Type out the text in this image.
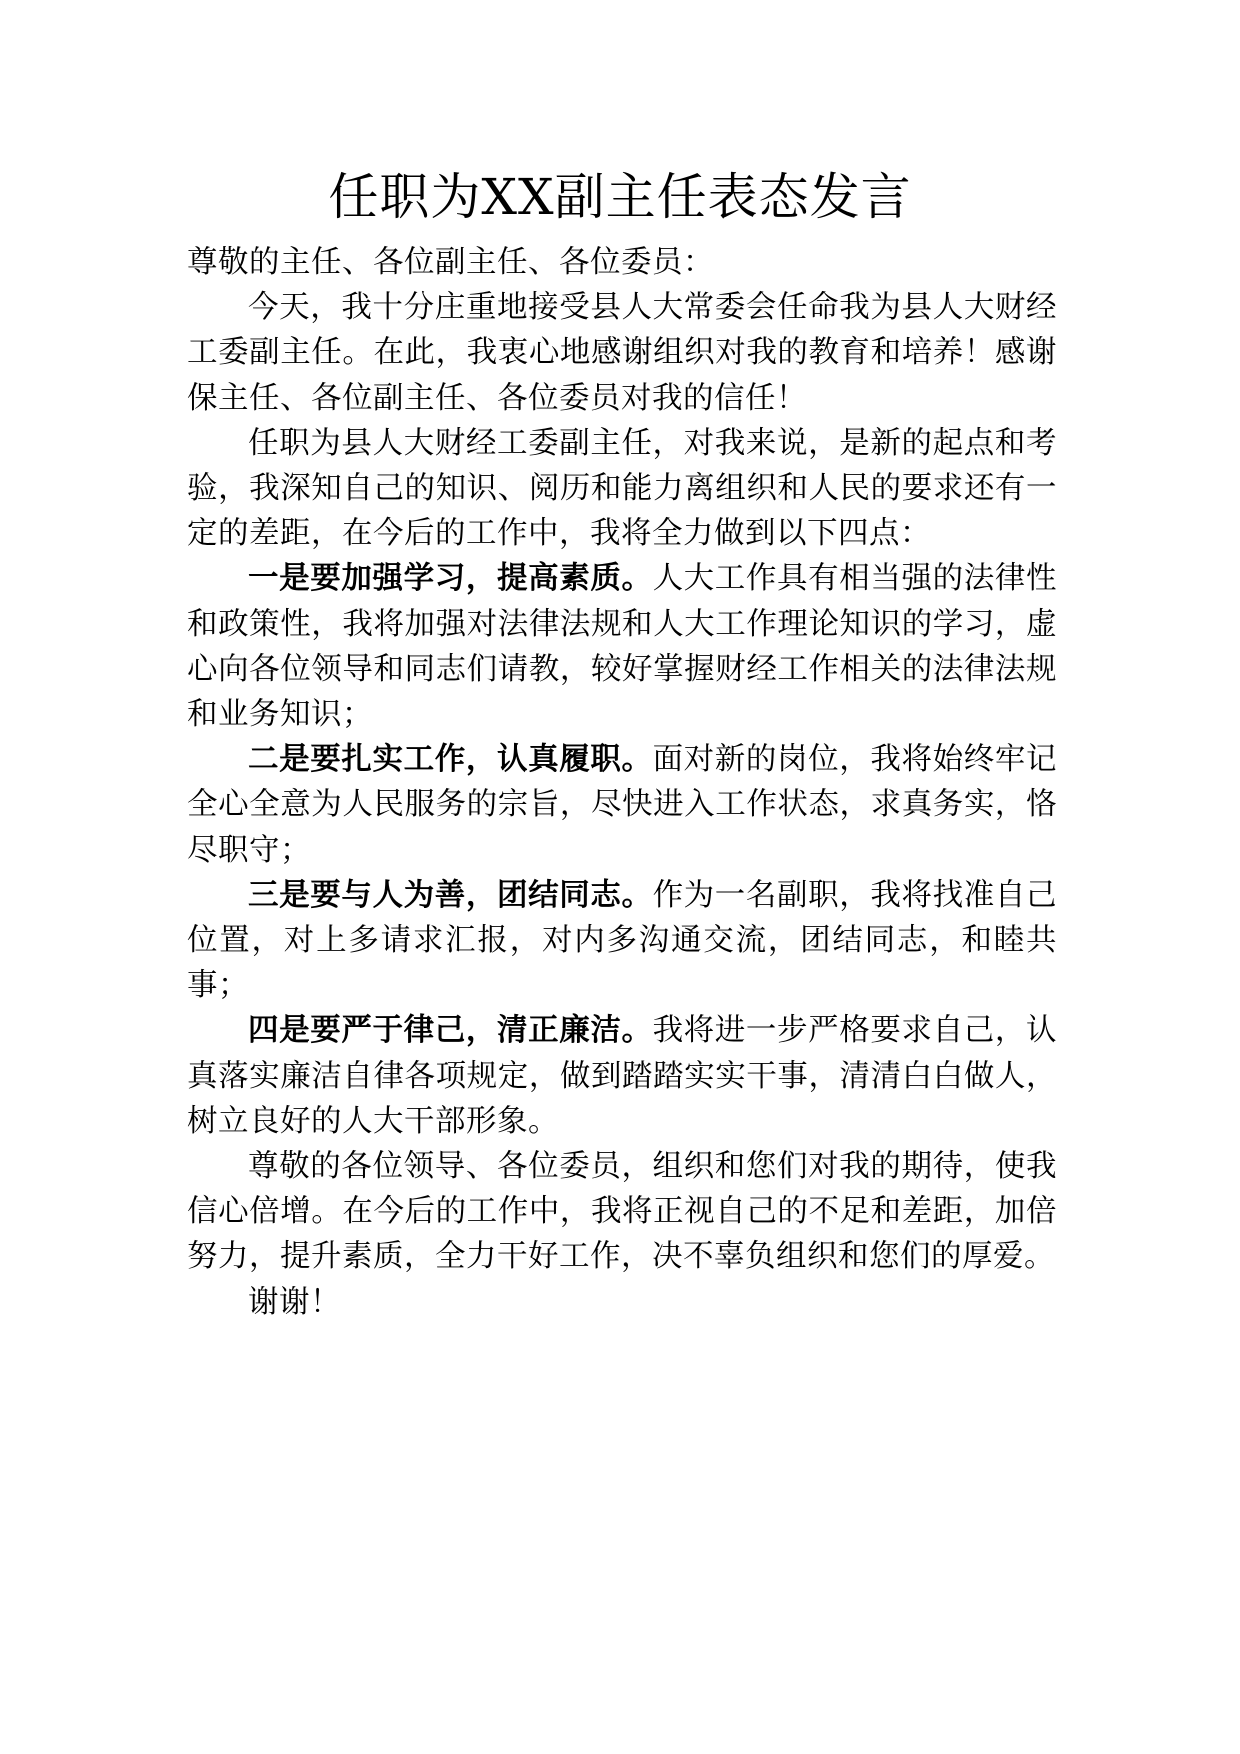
任职为XX副主任表态发言

尊敬的主任、各位副主任、各位委员：

今天，我十分庄重地接受县人大常委会任命我为县人大财经工委副主任。在此，我衷心地感谢组织对我的教育和培养！感谢保主任、各位副主任、各位委员对我的信任！

任职为县人大财经工委副主任，对我来说，是新的起点和考验，我深知自己的知识、阅历和能力离组织和人民的要求还有一定的差距，在今后的工作中，我将全力做到以下四点：

一是要加强学习，提高素质。人大工作具有相当强的法律性和政策性，我将加强对法律法规和人大工作理论知识的学习，虚心向各位领导和同志们请教，较好掌握财经工作相关的法律法规和业务知识；

二是要扎实工作，认真履职。面对新的岗位，我将始终牢记全心全意为人民服务的宗旨，尽快进入工作状态，求真务实，恪尽职守；

三是要与人为善，团结同志。作为一名副职，我将找准自己位置，对上多请求汇报，对内多沟通交流，团结同志，和睦共事；

四是要严于律己，清正廉洁。我将进一步严格要求自己，认真落实廉洁自律各项规定，做到踏踏实实干事，清清白白做人，树立良好的人大干部形象。

尊敬的各位领导、各位委员，组织和您们对我的期待，使我信心倍增。在今后的工作中，我将正视自己的不足和差距，加倍努力，提升素质，全力干好工作，决不辜负组织和您们的厚爱。

谢谢！
